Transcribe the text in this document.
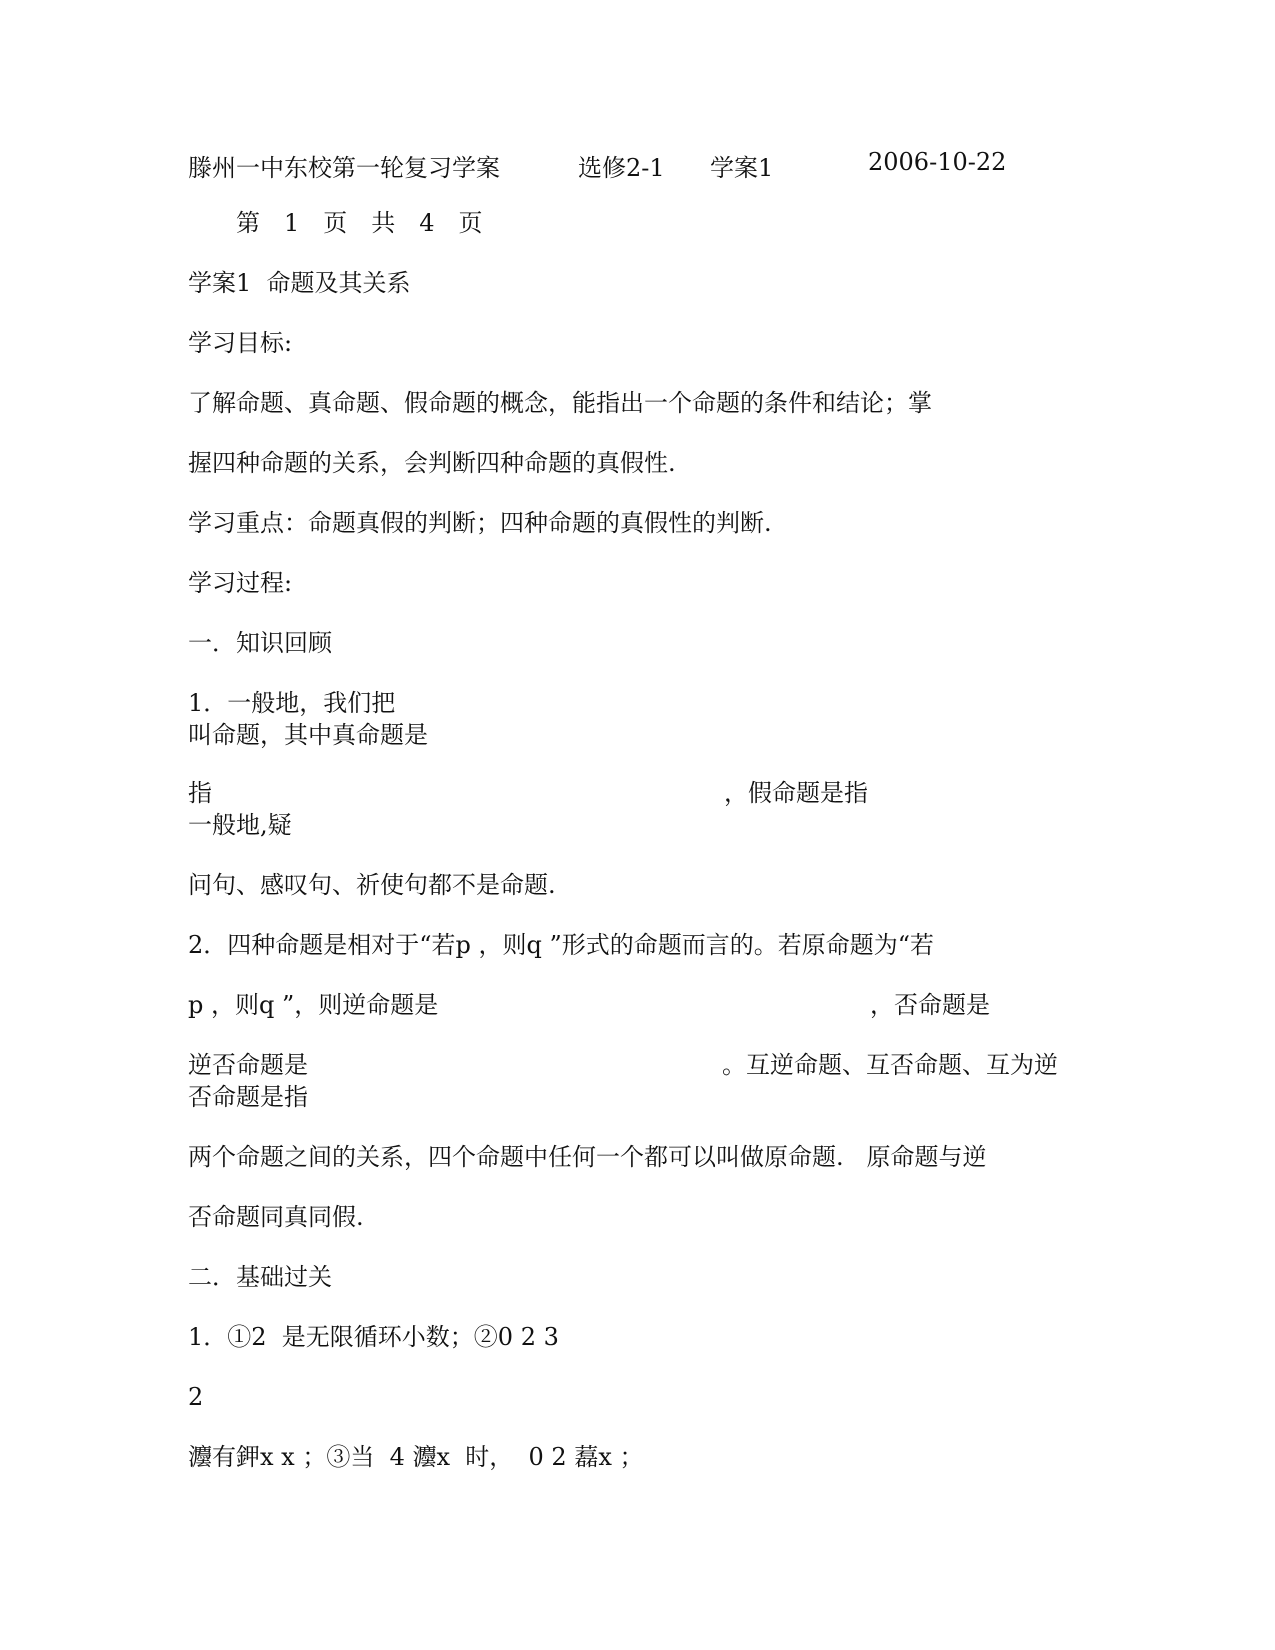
滕州一中东校第一轮复习学案	选修2-1 学案1	2006-10-22
第　1　页　共　4　页
学案1  命题及其关系
学习目标:
了解命题、真命题、假命题的概念，能指出一个命题的条件和结论；掌
握四种命题的关系，会判断四种命题的真假性.
学习重点：命题真假的判断；四种命题的真假性的判断.
学习过程:
一．知识回顾
1．一般地，我们把
叫命题，其中真命题是
指	，假命题是指
一般地,疑
问句、感叹句、祈使句都不是命题.
2．四种命题是相对于“若p ，则q ”形式的命题而言的。若原命题为“若
p ，则q ”，则逆命题是	，否命题是
逆否命题是	。互逆命题、互否命题、互为逆
否命题是指
两个命题之间的关系，四个命题中任何一个都可以叫做原命题.   原命题与逆
否命题同真同假.
二．基础过关
1．①2  是无限循环小数；②0 2 3
2
灋有鉀x x ；③当  4 灋x  时，  0 2 藞x ；
